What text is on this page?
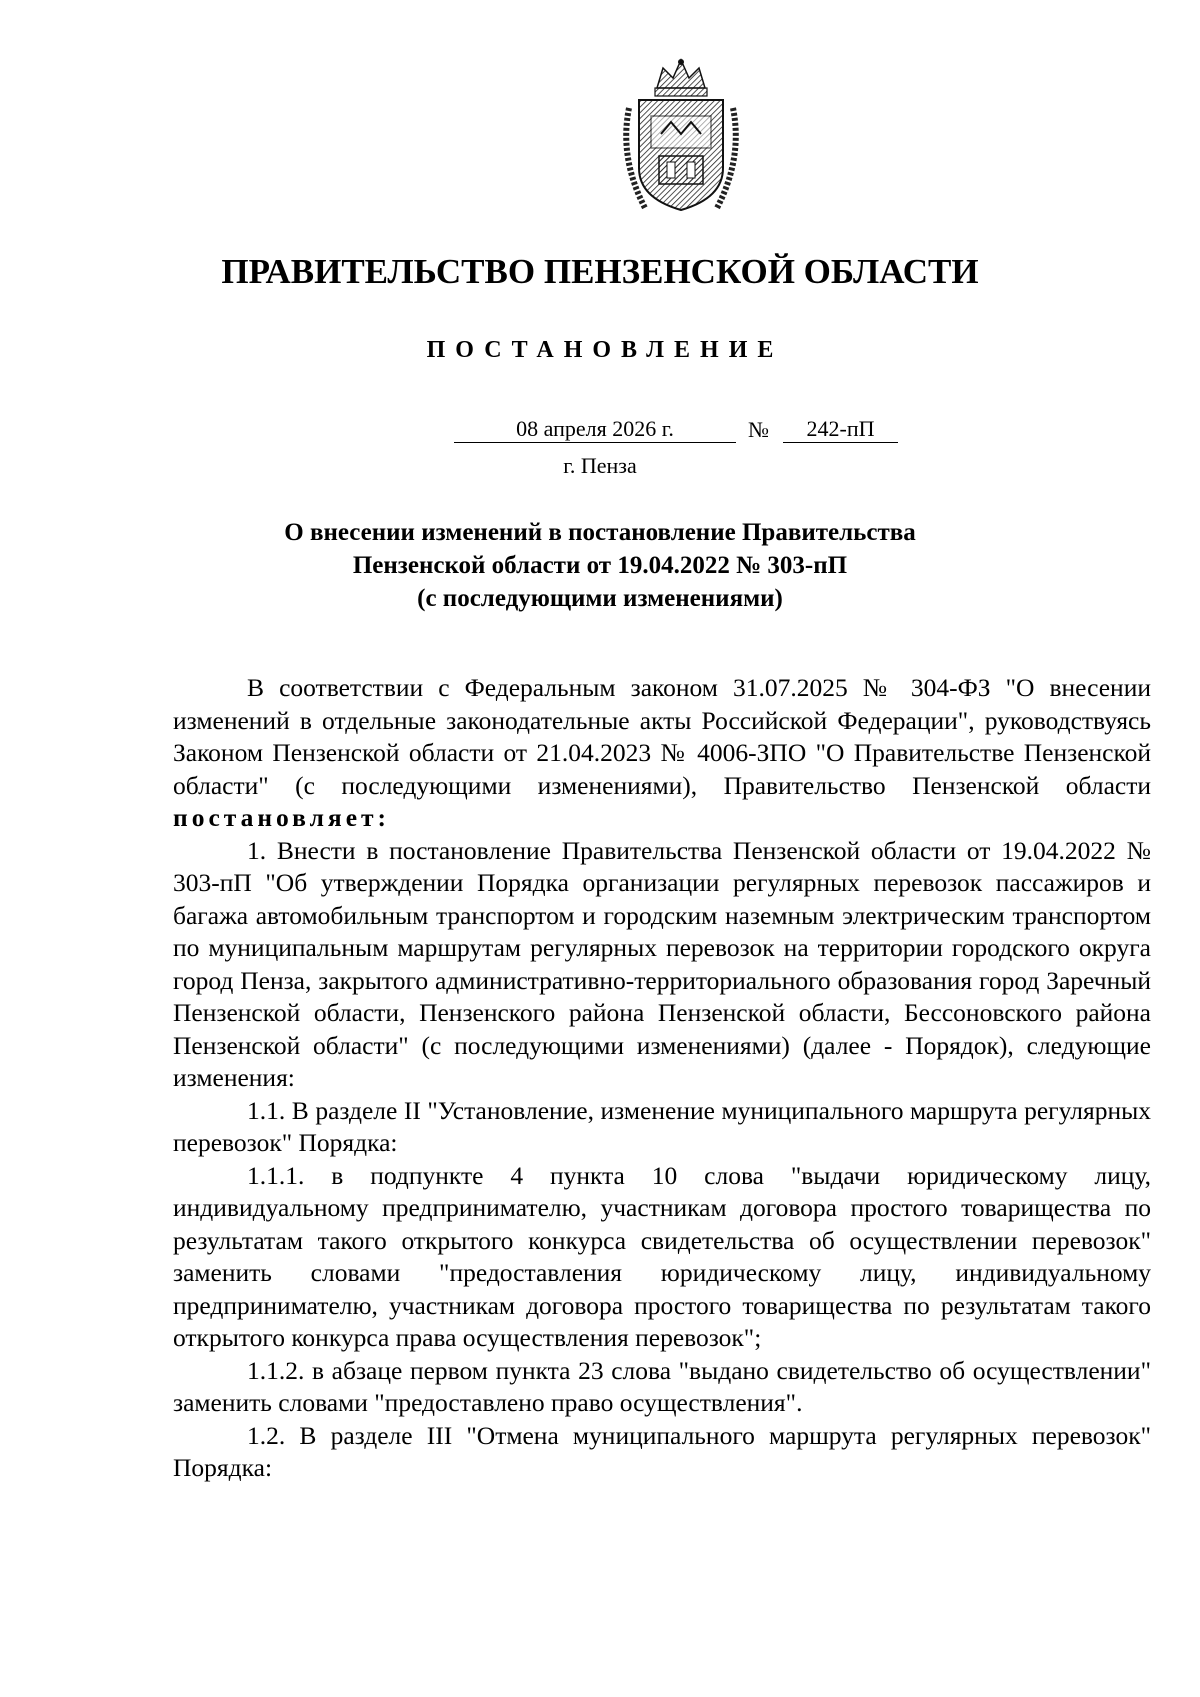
ПРАВИТЕЛЬСТВО ПЕНЗЕНСКОЙ ОБЛАСТИ
ПОСТАНОВЛЕНИЕ
08 апреля 2026 г.	№	242-пП
г. Пенза
О внесении изменений в постановление Правительства
Пензенской области от 19.04.2022 № 303-пП
(с последующими изменениями)

В соответствии с Федеральным законом 31.07.2025 № 304-ФЗ "О внесении изменений в отдельные законодательные акты Российской Федерации", руководствуясь Законом Пензенской области от 21.04.2023 № 4006-ЗПО "О Правительстве Пензенской области" (с последующими изменениями), Правительство Пензенской области постановляет:

1. Внести в постановление Правительства Пензенской области от 19.04.2022 № 303-пП "Об утверждении Порядка организации регулярных перевозок пассажиров и багажа автомобильным транспортом и городским наземным электрическим транспортом по муниципальным маршрутам регулярных перевозок на территории городского округа город Пенза, закрытого административно-территориального образования город Заречный Пензенской области, Пензенского района Пензенской области, Бессоновского района Пензенской области" (с последующими изменениями) (далее - Порядок), следующие изменения:

1.1. В разделе II "Установление, изменение муниципального маршрута регулярных перевозок" Порядка:

1.1.1. в подпункте 4 пункта 10 слова "выдачи юридическому лицу, индивидуальному предпринимателю, участникам договора простого товарищества по результатам такого открытого конкурса свидетельства об осуществлении перевозок" заменить словами "предоставления юридическому лицу, индивидуальному предпринимателю, участникам договора простого товарищества по результатам такого открытого конкурса права осуществления перевозок";

1.1.2. в абзаце первом пункта 23 слова "выдано свидетельство об осуществлении" заменить словами "предоставлено право осуществления".

1.2. В разделе III "Отмена муниципального маршрута регулярных перевозок" Порядка:
